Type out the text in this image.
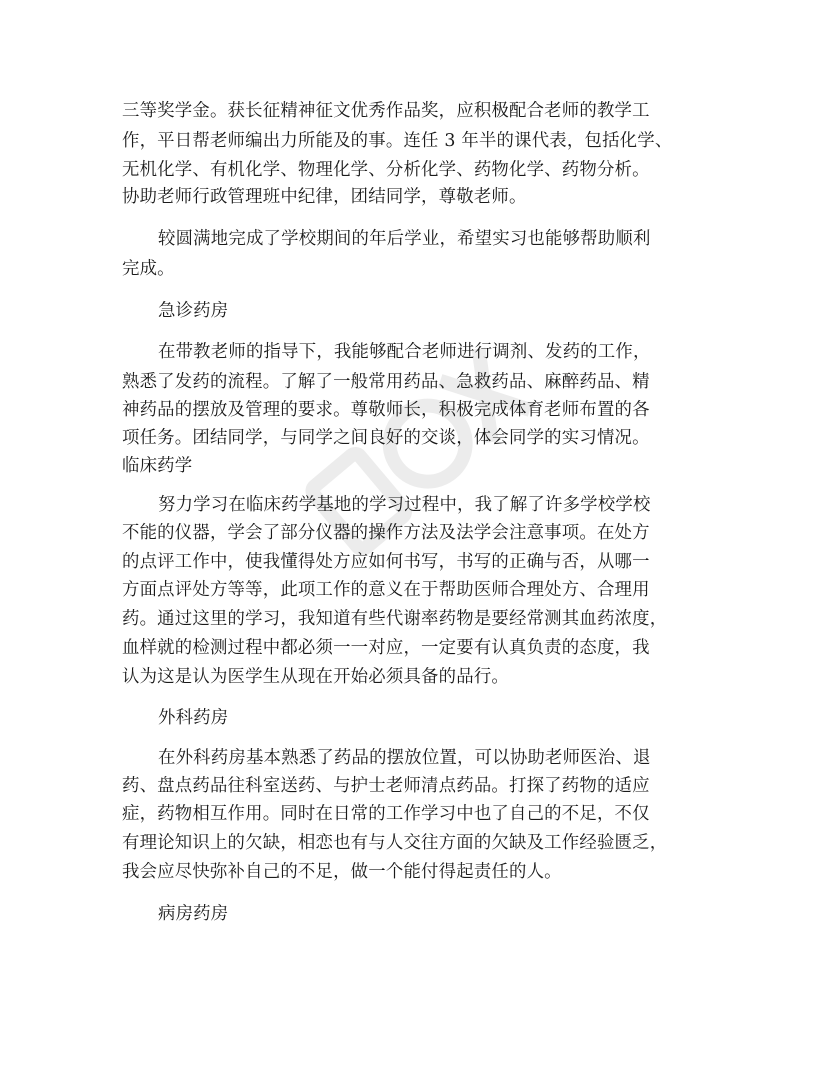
三等奖学金。获长征精神征文优秀作品奖，应积极配合老师的教学工
作，平日帮老师编出力所能及的事。连任 3 年半的课代表，包括化学、
无机化学、有机化学、物理化学、分析化学、药物化学、药物分析。
协助老师行政管理班中纪律，团结同学，尊敬老师。
较圆满地完成了学校期间的年后学业，希望实习也能够帮助顺利
完成。
急诊药房
在带教老师的指导下，我能够配合老师进行调剂、发药的工作，
熟悉了发药的流程。了解了一般常用药品、急救药品、麻醉药品、精
神药品的摆放及管理的要求。尊敬师长，积极完成体育老师布置的各
项任务。团结同学，与同学之间良好的交谈，体会同学的实习情况。
临床药学
努力学习在临床药学基地的学习过程中，我了解了许多学校学校
不能的仪器，学会了部分仪器的操作方法及法学会注意事项。在处方
的点评工作中，使我懂得处方应如何书写，书写的正确与否，从哪一
方面点评处方等等，此项工作的意义在于帮助医师合理处方、合理用
药。通过这里的学习，我知道有些代谢率药物是要经常测其血药浓度，
血样就的检测过程中都必须一一对应，一定要有认真负责的态度，我
认为这是认为医学生从现在开始必须具备的品行。
外科药房
在外科药房基本熟悉了药品的摆放位置，可以协助老师医治、退
药、盘点药品往科室送药、与护士老师清点药品。打探了药物的适应
症，药物相互作用。同时在日常的工作学习中也了自己的不足，不仅
有理论知识上的欠缺，相恋也有与人交往方面的欠缺及工作经验匮乏，
我会应尽快弥补自己的不足，做一个能付得起责任的人。
病房药房
